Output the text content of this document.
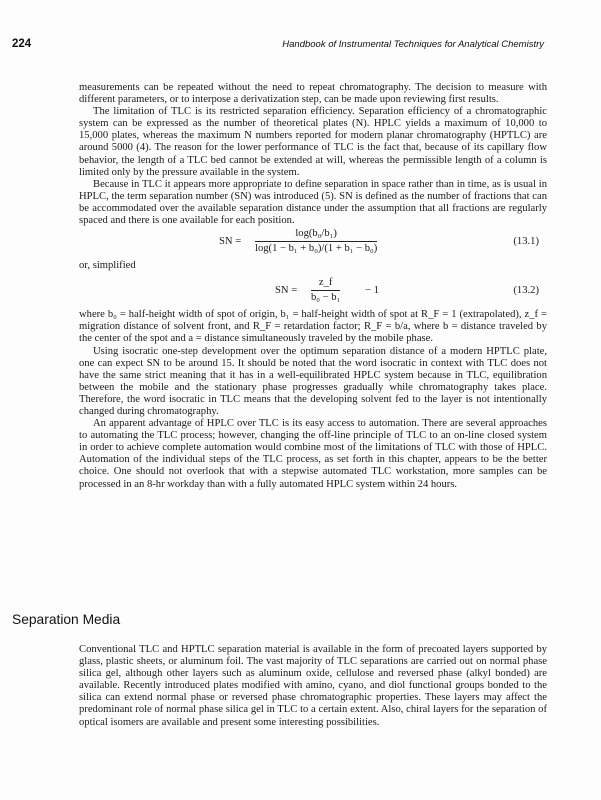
224	Handbook of Instrumental Techniques for Analytical Chemistry

measurements can be repeated without the need to repeat chromatography. The decision to measure with different parameters, or to interpose a derivatization step, can be made upon reviewing first results.

The limitation of TLC is its restricted separation efficiency. Separation efficiency of a chromatographic system can be expressed as the number of theoretical plates (N). HPLC yields a maximum of 10,000 to 15,000 plates, whereas the maximum N numbers reported for modern planar chromatography (HPTLC) are around 5000 (4). The reason for the lower performance of TLC is the fact that, because of its capillary flow behavior, the length of a TLC bed cannot be extended at will, whereas the permissible length of a column is limited only by the pressure available in the system.

Because in TLC it appears more appropriate to define separation in space rather than in time, as is usual in HPLC, the term separation number (SN) was introduced (5). SN is defined as the number of fractions that can be accommodated over the available separation distance under the assumption that all fractions are regularly spaced and there is one available for each position.

SN = $\frac{\text{log(b₀/b₁)}}{\text{log(1 − b₁ + b₀)/(1 + b₁ − b₀)}}$	(13.1)

or, simplified

SN = $\frac{z\_f}{\text{b₀ − b₁}} - 1$	(13.2)

where b₀ = half-height width of spot of origin, b₁ = half-height width of spot at R_F = 1 (extrapolated), z_f = migration distance of solvent front, and R_F = retardation factor; R_F = b/a, where b = distance traveled by the center of the spot and a = distance simultaneously traveled by the mobile phase.

Using isocratic one-step development over the optimum separation distance of a modern HPTLC plate, one can expect SN to be around 15. It should be noted that the word isocratic in context with TLC does not have the same strict meaning that it has in a well-equilibrated HPLC system because in TLC, equilibration between the mobile and the stationary phase progresses gradually while chromatography takes place. Therefore, the word isocratic in TLC means that the developing solvent fed to the layer is not intentionally changed during chromatography.

An apparent advantage of HPLC over TLC is its easy access to automation. There are several approaches to automating the TLC process; however, changing the off-line principle of TLC to an on-line closed system in order to achieve complete automation would combine most of the limitations of TLC with those of HPLC. Automation of the individual steps of the TLC process, as set forth in this chapter, appears to be the better choice. One should not overlook that with a stepwise automated TLC workstation, more samples can be processed in an 8-hr workday than with a fully automated HPLC system within 24 hours.

Separation Media

Conventional TLC and HPTLC separation material is available in the form of precoated layers supported by glass, plastic sheets, or aluminum foil. The vast majority of TLC separations are carried out on normal phase silica gel, although other layers such as aluminum oxide, cellulose and reversed phase (alkyl bonded) are available. Recently introduced plates modified with amino, cyano, and diol functional groups bonded to the silica can extend normal phase or reversed phase chromatographic properties. These layers may affect the predominant role of normal phase silica gel in TLC to a certain extent. Also, chiral layers for the separation of optical isomers are available and present some interesting possibilities.
